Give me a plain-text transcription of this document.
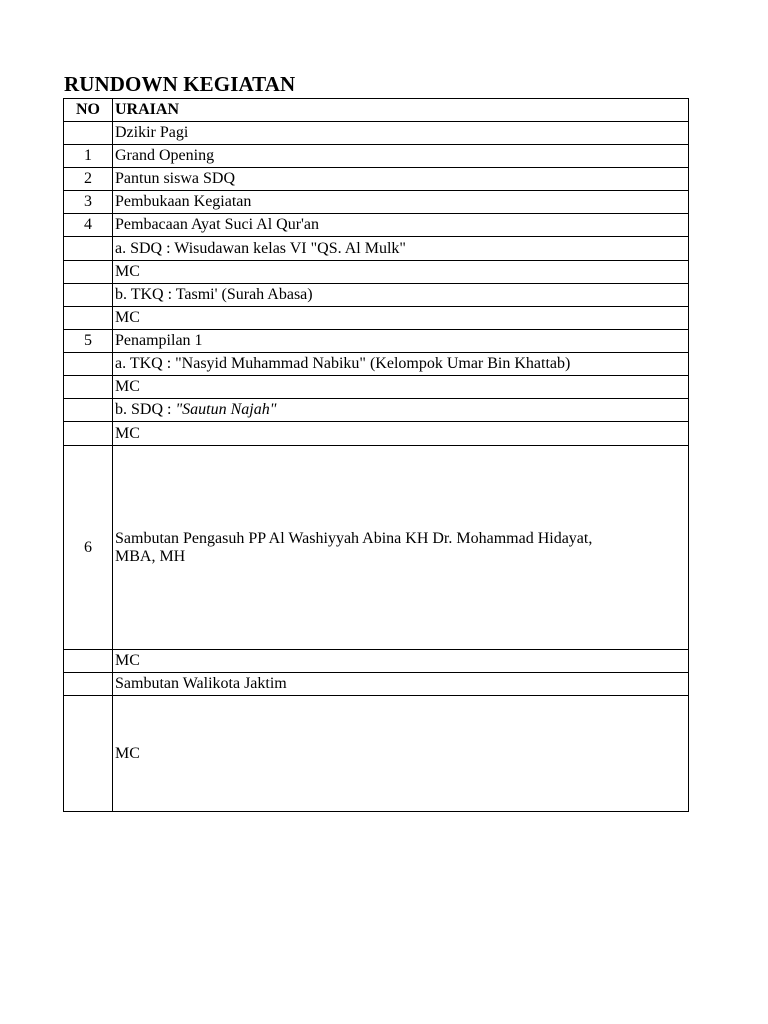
RUNDOWN KEGIATAN
NO	URAIAN
	Dzikir Pagi
1	Grand Opening
2	Pantun siswa SDQ
3	Pembukaan Kegiatan
4	Pembacaan Ayat Suci Al Qur'an
	a. SDQ : Wisudawan kelas VI "QS. Al Mulk"
	MC
	b. TKQ : Tasmi' (Surah Abasa)
	MC
5	Penampilan 1
	a. TKQ : "Nasyid Muhammad Nabiku" (Kelompok Umar Bin Khattab)
	MC
	b. SDQ : "Sautun Najah"
	MC
6	Sambutan Pengasuh PP Al Washiyyah Abina KH Dr. Mohammad Hidayat,
MBA, MH

	MC
	Sambutan Walikota Jaktim
	MC
